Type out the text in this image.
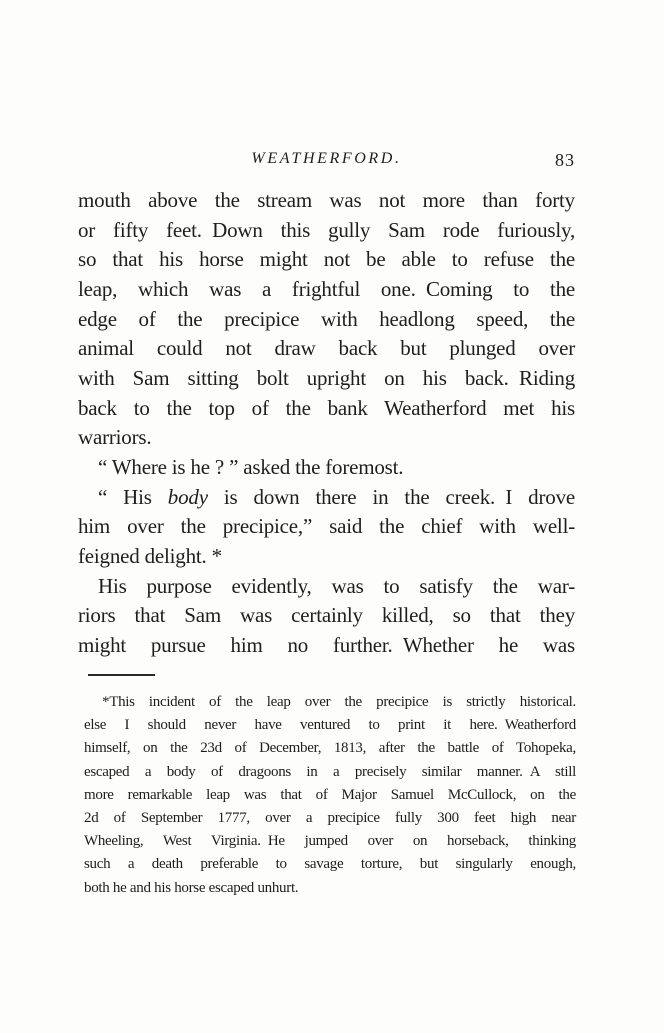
WEATHERFORD.	83
mouth above the stream was not more than forty
or fifty feet. Down this gully Sam rode furiously,
so that his horse might not be able to refuse the
leap, which was a frightful one. Coming to the
edge of the precipice with headlong speed, the
animal could not draw back but plunged over
with Sam sitting bolt upright on his back. Riding
back to the top of the bank Weatherford met his
warriors.
“ Where is he ? ” asked the foremost.
“ His body is down there in the creek. I drove
him over the precipice,” said the chief with well-
feigned delight. *
His purpose evidently, was to satisfy the war-
riors that Sam was certainly killed, so that they
might pursue him no further. Whether he was
*This incident of the leap over the precipice is strictly historical.
else I should never have ventured to print it here. Weatherford
himself, on the 23d of December, 1813, after the battle of Tohopeka,
escaped a body of dragoons in a precisely similar manner. A still
more remarkable leap was that of Major Samuel McCullock, on the
2d of September 1777, over a precipice fully 300 feet high near
Wheeling, West Virginia. He jumped over on horseback, thinking
such a death preferable to savage torture, but singularly enough,
both he and his horse escaped unhurt.
